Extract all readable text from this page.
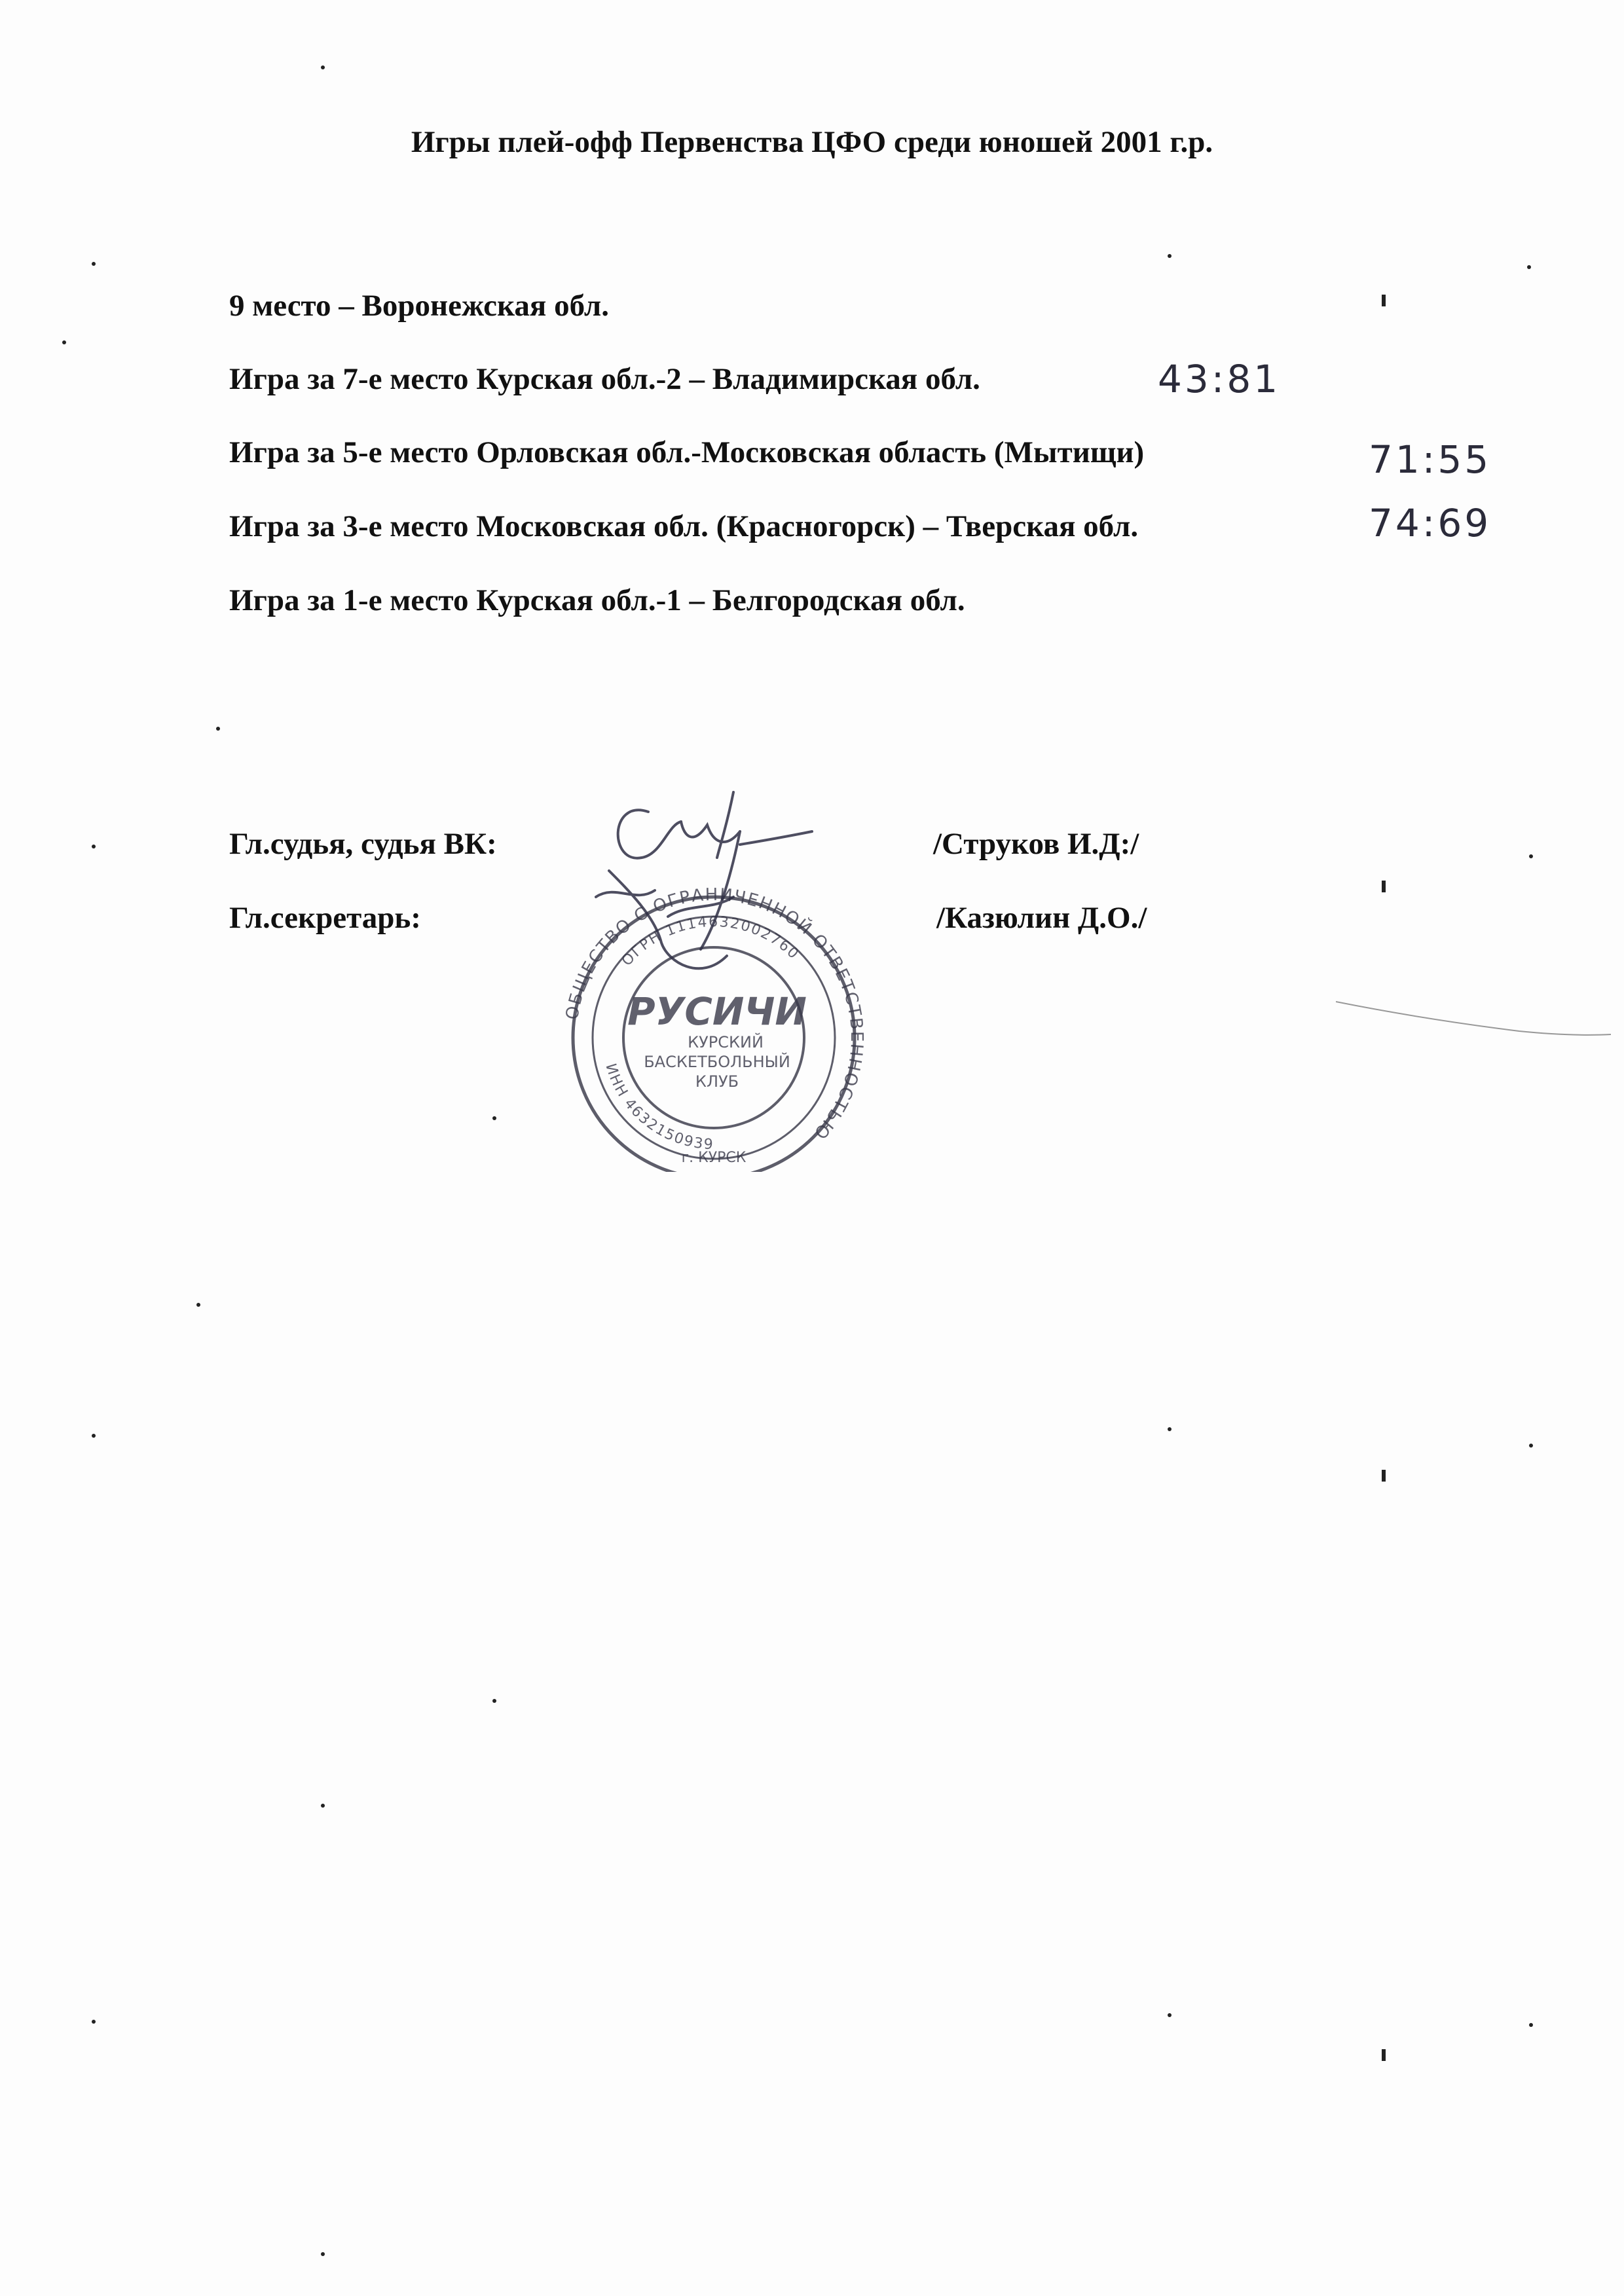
Игры плей-офф Первенства ЦФО среди юношей 2001 г.р.
9 место – Воронежская обл.
Игра за 7-е место Курская обл.-2 – Владимирская обл.	43:81
Игра за 5-е место Орловская обл.-Московская область (Мытищи)	71:55
Игра за 3-е место Московская обл. (Красногорск) – Тверская обл.	74:69
Игра за 1-е место Курская обл.-1 – Белгородская обл.
Гл.судья, судья ВК:	/Струков И.Д:/
Гл.секретарь:	/Казюлин Д.О./
ОБЩЕСТВО С ОГРАНИЧЕННОЙ ОТВЕТСТВЕННОСТЬЮ
ОГРН 1114632002760
ИНН 4632150939
г. КУРСК
РУСИЧИ
КУРСКИЙ
БАСКЕТБОЛЬНЫЙ
КЛУБ
